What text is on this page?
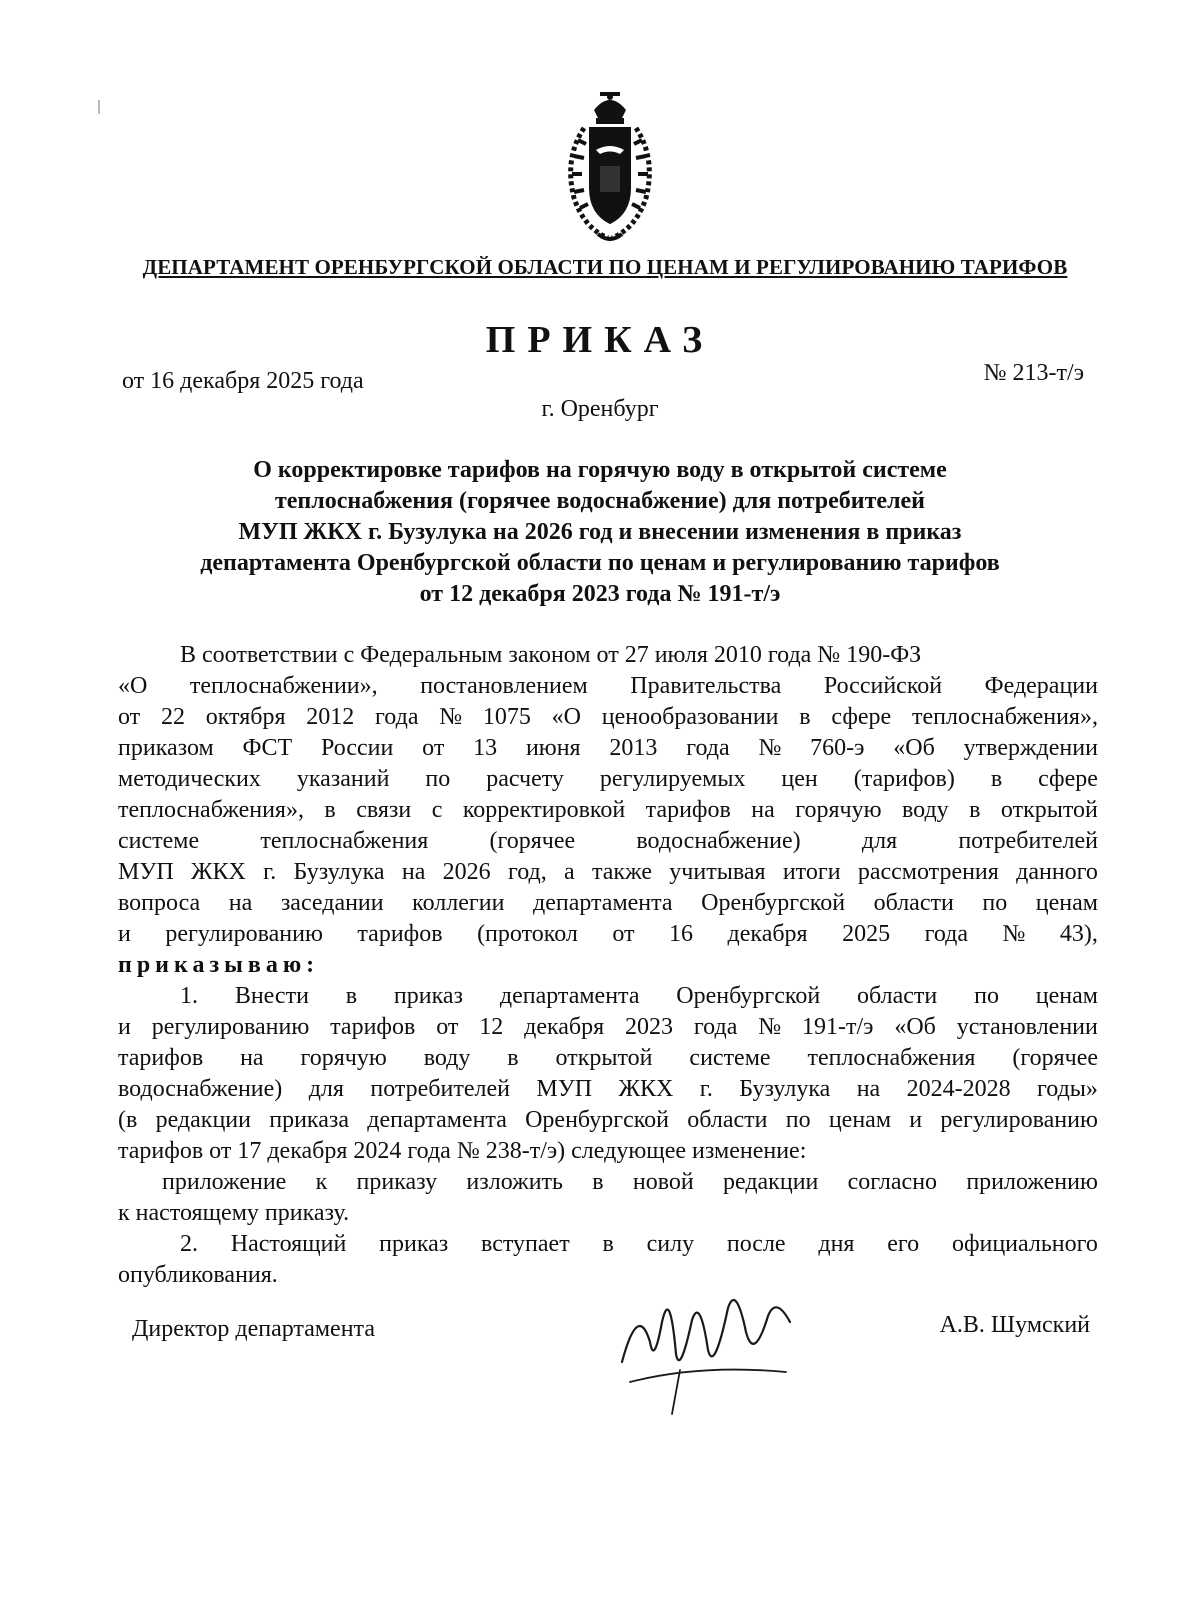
ДЕПАРТАМЕНТ ОРЕНБУРГСКОЙ ОБЛАСТИ ПО ЦЕНАМ И РЕГУЛИРОВАНИЮ ТАРИФОВ
ПРИКАЗ
от 16 декабря 2025 года	№ 213-т/э
г. Оренбург
О корректировке тарифов на горячую воду в открытой системе
теплоснабжения (горячее водоснабжение) для потребителей
МУП ЖКХ г. Бузулука на 2026 год и внесении изменения в приказ
департамента Оренбургской области по ценам и регулированию тарифов
от 12 декабря 2023 года № 191-т/э
В соответствии с Федеральным законом от 27 июля 2010 года № 190-ФЗ
«О теплоснабжении», постановлением Правительства Российской Федерации
от 22 октября 2012 года № 1075 «О ценообразовании в сфере теплоснабжения»,
приказом ФСТ России от 13 июня 2013 года № 760-э «Об утверждении
методических указаний по расчету регулируемых цен (тарифов) в сфере
теплоснабжения», в связи с корректировкой тарифов на горячую воду в открытой
системе	теплоснабжения	(горячее	водоснабжение)	для	потребителей
МУП ЖКХ г. Бузулука на 2026 год, а также учитывая итоги рассмотрения данного
вопроса на заседании коллегии департамента Оренбургской области по ценам
и регулированию тарифов (протокол от 16 декабря 2025 года № 43),
приказываю:
1. Внести в приказ департамента Оренбургской области по ценам
и регулированию тарифов от 12 декабря 2023 года № 191-т/э «Об установлении
тарифов на горячую воду в открытой системе теплоснабжения (горячее
водоснабжение) для потребителей МУП ЖКХ г. Бузулука на 2024-2028 годы»
(в редакции приказа департамента Оренбургской области по ценам и регулированию
тарифов от 17 декабря 2024 года № 238-т/э) следующее изменение:
приложение к приказу изложить в новой редакции согласно приложению
к настоящему приказу.
2. Настоящий приказ вступает в силу после дня его официального
опубликования.
Директор департамента	А.В. Шумский
